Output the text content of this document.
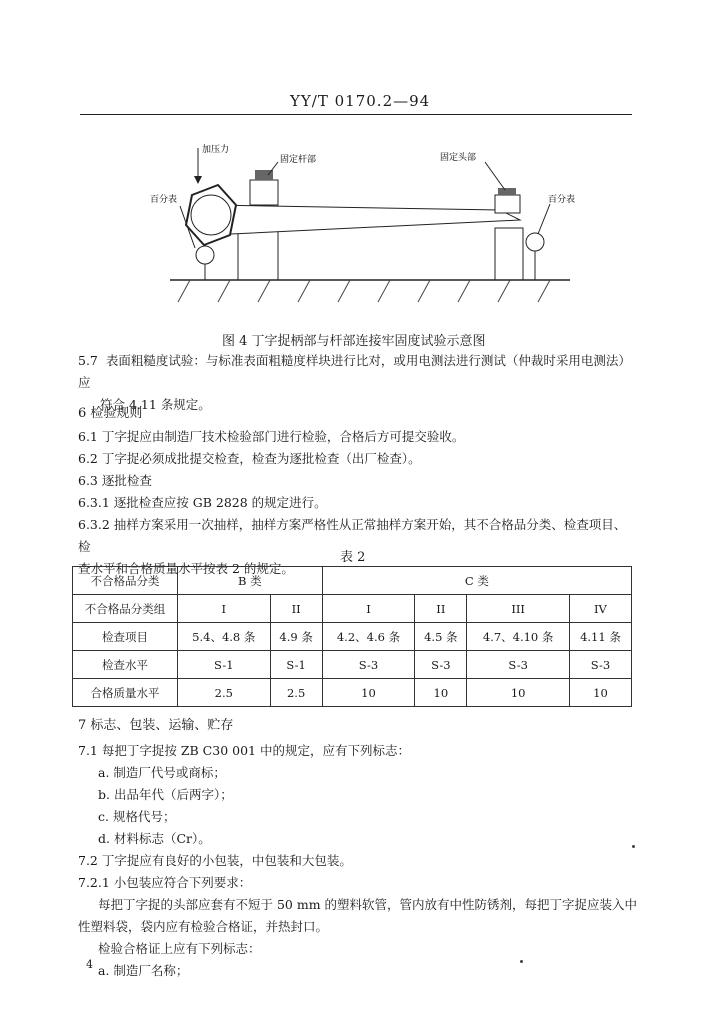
YY/T 0170.2—94
加压力
固定杆部	固定头部
百分表	百分表
图 4 丁字捉柄部与杆部连接牢固度试验示意图
5.7 表面粗糙度试验：与标准表面粗糙度样块进行比对，或用电测法进行测试（仲裁时采用电测法）应
符合 4.11 条规定。
6 检验规则
6.1 丁字捉应由制造厂技术检验部门进行检验，合格后方可提交验收。
6.2 丁字捉必须成批提交检查，检查为逐批检查（出厂检查）。
6.3 逐批检查
6.3.1 逐批检查应按 GB 2828 的规定进行。
6.3.2 抽样方案采用一次抽样，抽样方案严格性从正常抽样方案开始，其不合格品分类、检查项目、检
查水平和合格质量水平按表 2 的规定。
表 2
不合格品分类	B 类		C 类			
不合格品分类组	I	II	I	II	III	IV
检查项目	5.4、4.8 条	4.9 条	4.2、4.6 条	4.5 条	4.7、4.10 条	4.11 条
检查水平	S-1	S-1	S-3	S-3	S-3	S-3
合格质量水平	2.5	2.5	10	10	10	10
7 标志、包装、运输、贮存
7.1 每把丁字捉按 ZB C30 001 中的规定，应有下列标志：
a. 制造厂代号或商标；
b. 出品年代（后两字）；
c. 规格代号；
d. 材料标志（Cr）。
7.2 丁字捉应有良好的小包装，中包装和大包装。
7.2.1 小包装应符合下列要求：
每把丁字捉的头部应套有不短于 50 mm 的塑料软管，管内放有中性防锈剂，每把丁字捉应装入中
性塑料袋，袋内应有检验合格证，并热封口。
检验合格证上应有下列标志：
a. 制造厂名称；
4
